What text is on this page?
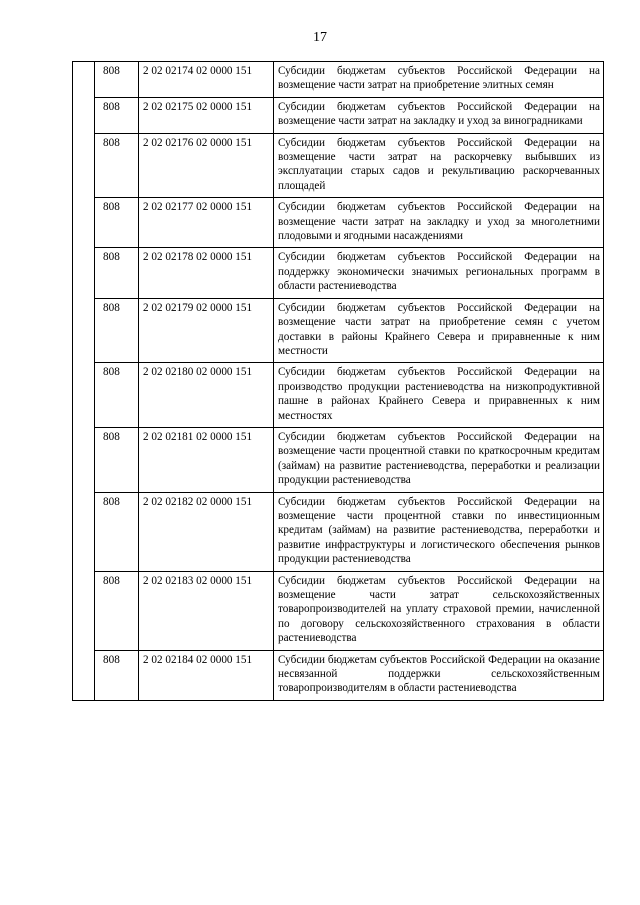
17
	808	2 02 02174 02 0000 151	Субсидии бюджетам субъектов Российской Федерации на возмещение части затрат на приобретение элитных семян
	808	2 02 02175 02 0000 151	Субсидии бюджетам субъектов Российской Федерации на возмещение части затрат на закладку и уход за виноградниками
	808	2 02 02176 02 0000 151	Субсидии бюджетам субъектов Российской Федерации на возмещение части затрат на раскорчевку выбывших из эксплуатации старых садов и рекультивацию раскорчеванных площадей
	808	2 02 02177 02 0000 151	Субсидии бюджетам субъектов Российской Федерации на возмещение части затрат на закладку и уход за многолетними плодовыми и ягодными насаждениями
	808	2 02 02178 02 0000 151	Субсидии бюджетам субъектов Российской Федерации на поддержку экономически значимых региональных программ в области растениеводства
	808	2 02 02179 02 0000 151	Субсидии бюджетам субъектов Российской Федерации на возмещение части затрат на приобретение семян с учетом доставки в районы Крайнего Севера и приравненные к ним местности
	808	2 02 02180 02 0000 151	Субсидии бюджетам субъектов Российской Федерации на производство продукции растениеводства на низкопродуктивной пашне в районах Крайнего Севера и приравненных к ним местностях
	808	2 02 02181 02 0000 151	Субсидии бюджетам субъектов Российской Федерации на возмещение части процентной ставки по краткосрочным кредитам (займам) на развитие растениеводства, переработки и реализации продукции растениеводства
	808	2 02 02182 02 0000 151	Субсидии бюджетам субъектов Российской Федерации на возмещение части процентной ставки по инвестиционным кредитам (займам) на развитие растениеводства, переработки и развитие инфраструктуры и логистического обеспечения рынков продукции растениеводства
	808	2 02 02183 02 0000 151	Субсидии бюджетам субъектов Российской Федерации на возмещение части затрат сельскохозяйственных товаропроизводителей на уплату страховой премии, начисленной по договору сельскохозяйственного страхования в области растениеводства
	808	2 02 02184 02 0000 151	Субсидии бюджетам субъектов Российской Федерации на оказание несвязанной поддержки сельскохозяйственным товаропроизводителям в области растениеводства
